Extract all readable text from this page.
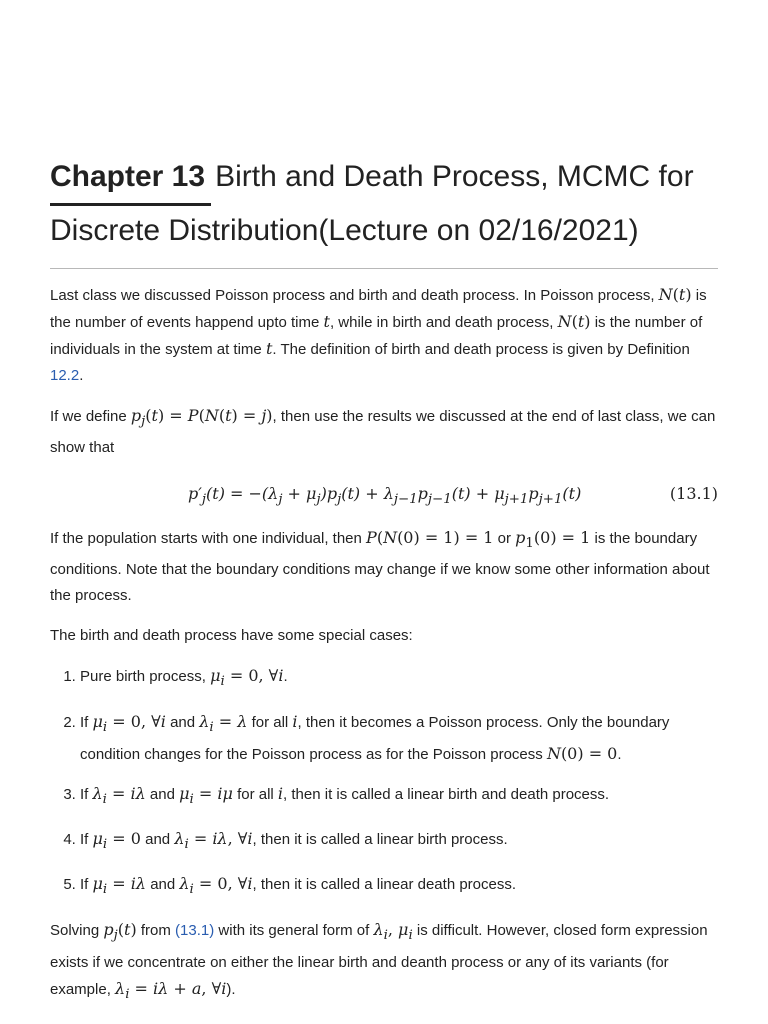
Chapter 13 Birth and Death Process, MCMC for Discrete Distribution(Lecture on 02/16/2021)

Last class we discussed Poisson process and birth and death process. In Poisson process, N(t) is the number of events happend upto time t, while in birth and death process, N(t) is the number of individuals in the system at time t. The definition of birth and death process is given by Definition 12.2.

If we define $p_j(t) = P(N(t) = j)$, then use the results we discussed at the end of last class, we can show that

$p'_j(t) = -(\lambda_j + \mu_j)p_j(t) + \lambda_{j-1}p_{j-1}(t) + \mu_{j+1}p_{j+1}(t)$	(13.1)

If the population starts with one individual, then P(N(0) = 1) = 1 or $p_1(0) = 1$ is the boundary conditions. Note that the boundary conditions may change if we know some other information about the process.

The birth and death process have some special cases:

1. Pure birth process, $\mu_i = 0$, ∀i.
2. If $\mu_i = 0$, ∀i and $\lambda_i = \lambda$ for all i, then it becomes a Poisson process. Only the boundary condition changes for the Poisson process as for the Poisson process N(0) = 0.
3. If $\lambda_i = i\lambda$ and $\mu_i = i\mu$ for all i, then it is called a linear birth and death process.
4. If $\mu_i = 0$ and $\lambda_i = i\lambda$, ∀i, then it is called a linear birth process.
5. If $\mu_i = i\lambda$ and $\lambda_i = 0$, ∀i, then it is called a linear death process.

Solving $p_j(t)$ from (13.1) with its general form of $\lambda_i$, $\mu_i$ is difficult. However, closed form expression exists if we concentrate on either the linear birth and deanth process or any of its variants (for example, $\lambda_i = i\lambda + a$, ∀i).
